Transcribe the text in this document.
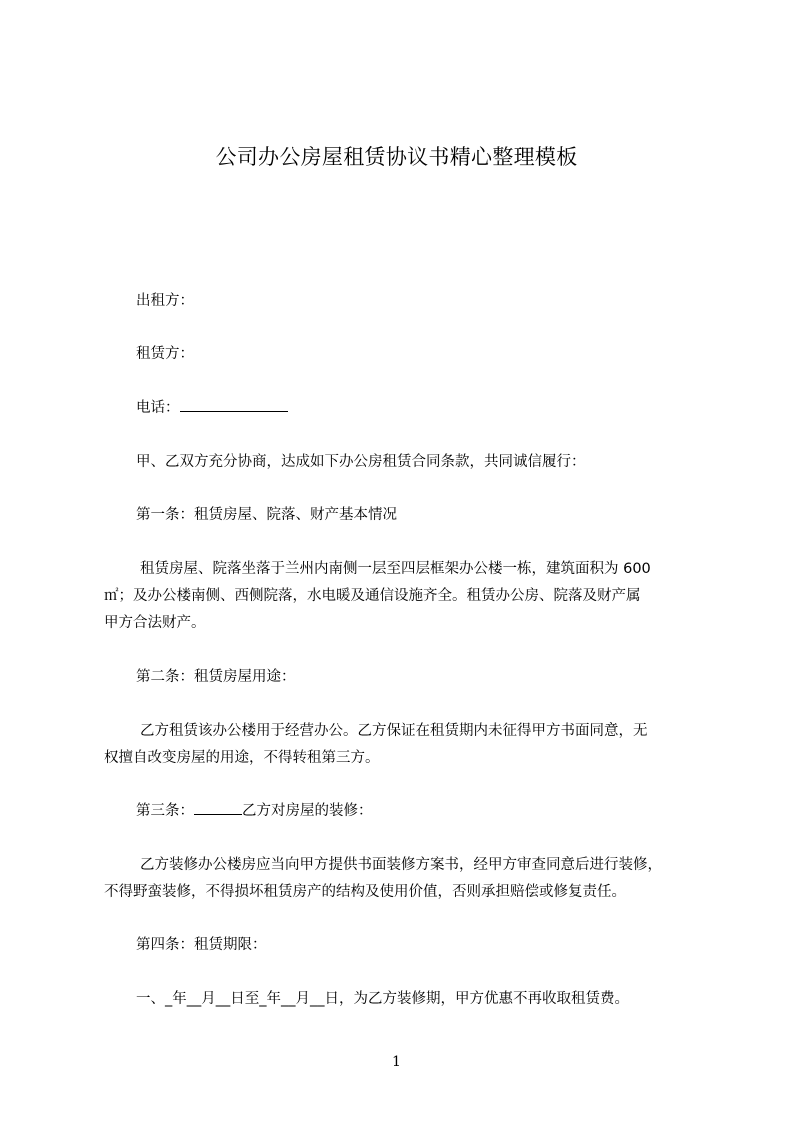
公司办公房屋租赁协议书精心整理模板

出租方：

租赁方：

电话：

甲、乙双方充分协商，达成如下办公房租赁合同条款，共同诚信履行：

第一条：租赁房屋、院落、财产基本情况

租赁房屋、院落坐落于兰州内南侧一层至四层框架办公楼一栋，建筑面积为 600
㎡；及办公楼南侧、西侧院落，水电暖及通信设施齐全。租赁办公房、院落及财产属
甲方合法财产。

第二条：租赁房屋用途：

乙方租赁该办公楼用于经营办公。乙方保证在租赁期内未征得甲方书面同意，无
权擅自改变房屋的用途，不得转租第三方。

第三条：	乙方对房屋的装修：

乙方装修办公楼房应当向甲方提供书面装修方案书，经甲方审查同意后进行装修，
不得野蛮装修，不得损坏租赁房产的结构及使用价值，否则承担赔偿或修复责任。

第四条：租赁期限：

一、_年__月__日至_年__月__日，为乙方装修期，甲方优惠不再收取租赁费。

1
